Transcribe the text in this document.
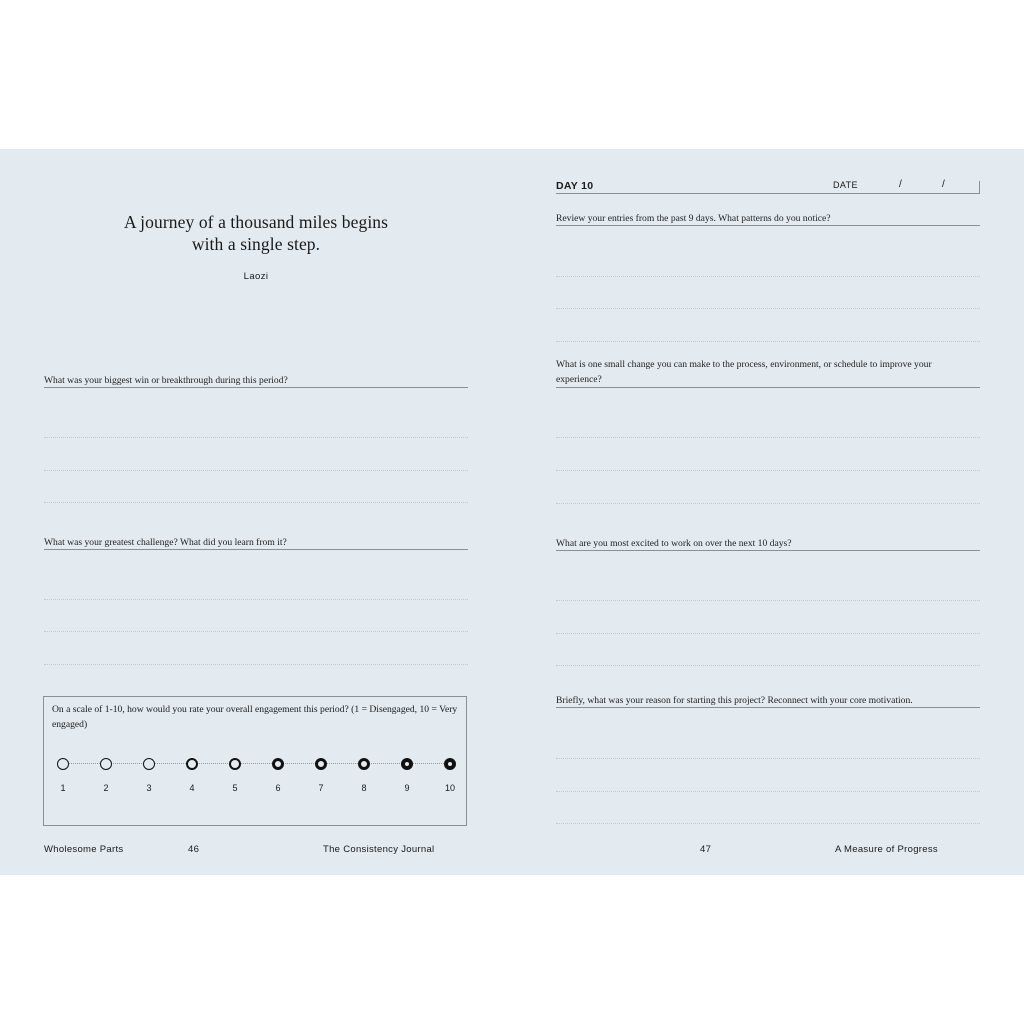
A journey of a thousand miles begins
with a single step.
Laozi
What was your biggest win or breakthrough during this period?
What was your greatest challenge? What did you learn from it?
On a scale of 1-10, how would you rate your overall engagement this period? (1 = Disengaged, 10 = Very engaged)
1	2	3	4	5	6	7	8	9	10
Wholesome Parts	46	The Consistency Journal
DAY 10	DATE	/	/
Review your entries from the past 9 days. What patterns do you notice?
What is one small change you can make to the process, environment, or schedule to improve your experience?
What are you most excited to work on over the next 10 days?
Briefly, what was your reason for starting this project? Reconnect with your core motivation.
47	A Measure of Progress
